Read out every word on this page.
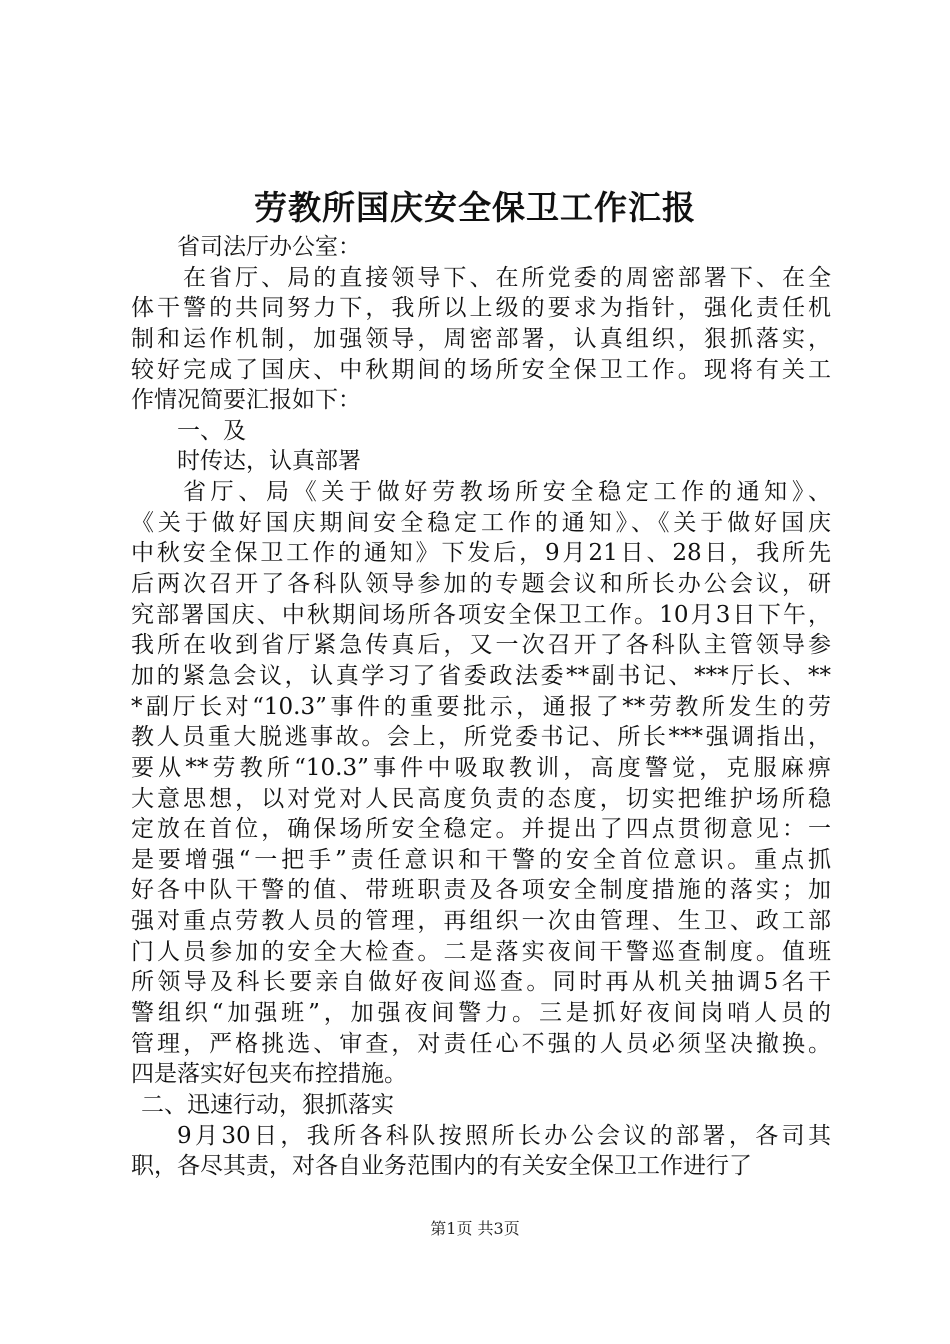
劳教所国庆安全保卫工作汇报
省司法厅办公室：
在省厅、局的直接领导下、在所党委的周密部署下、在全
体干警的共同努力下，我所以上级的要求为指针，强化责任机
制和运作机制，加强领导，周密部署，认真组织，狠抓落实，
较好完成了国庆、中秋期间的场所安全保卫工作。现将有关工
作情况简要汇报如下：
一、及
时传达，认真部署
省厅、局《关于做好劳教场所安全稳定工作的通知》、
《关于做好国庆期间安全稳定工作的通知》、《关于做好国庆
中秋安全保卫工作的通知》下发后，9月21日、28日，我所先
后两次召开了各科队领导参加的专题会议和所长办公会议，研
究部署国庆、中秋期间场所各项安全保卫工作。10月3日下午，
我所在收到省厅紧急传真后，又一次召开了各科队主管领导参
加的紧急会议，认真学习了省委政法委**副书记、***厅长、**
*副厅长对“10.3”事件的重要批示，通报了**劳教所发生的劳
教人员重大脱逃事故。会上，所党委书记、所长***强调指出，
要从**劳教所“10.3”事件中吸取教训，高度警觉，克服麻痹
大意思想，以对党对人民高度负责的态度，切实把维护场所稳
定放在首位，确保场所安全稳定。并提出了四点贯彻意见：一
是要增强“一把手”责任意识和干警的安全首位意识。重点抓
好各中队干警的值、带班职责及各项安全制度措施的落实；加
强对重点劳教人员的管理，再组织一次由管理、生卫、政工部
门人员参加的安全大检查。二是落实夜间干警巡查制度。值班
所领导及科长要亲自做好夜间巡查。同时再从机关抽调5名干
警组织“加强班”，加强夜间警力。三是抓好夜间岗哨人员的
管理，严格挑选、审查，对责任心不强的人员必须坚决撤换。
四是落实好包夹布控措施。
二、迅速行动，狠抓落实
9月30日，我所各科队按照所长办公会议的部署，各司其
职，各尽其责，对各自业务范围内的有关安全保卫工作进行了
第1页 共3页
